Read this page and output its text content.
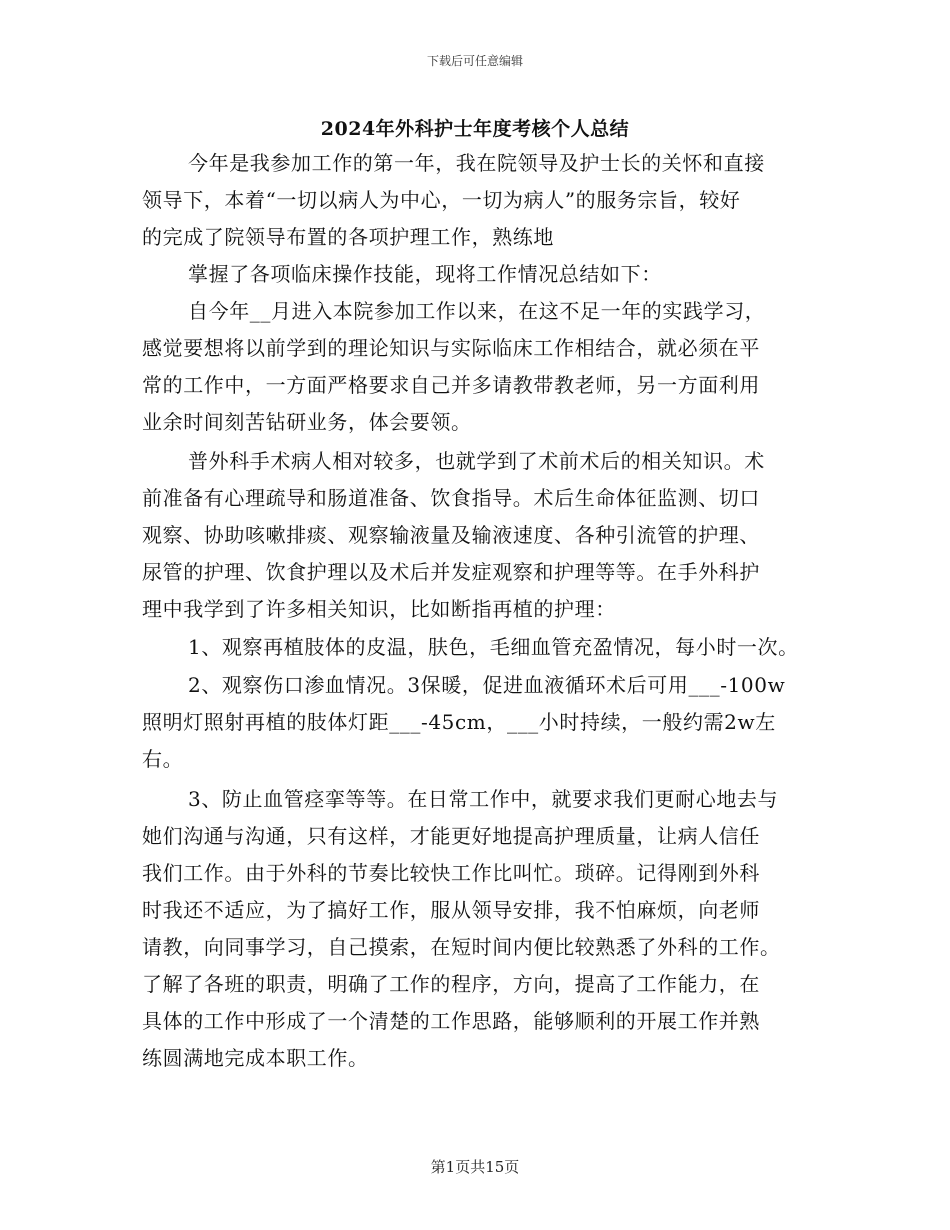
下载后可任意编辑
2024年外科护士年度考核个人总结
今年是我参加工作的第一年，我在院领导及护士长的关怀和直接
领导下，本着“一切以病人为中心，一切为病人”的服务宗旨，较好
的完成了院领导布置的各项护理工作，熟练地
掌握了各项临床操作技能，现将工作情况总结如下：
自今年__月进入本院参加工作以来，在这不足一年的实践学习，
感觉要想将以前学到的理论知识与实际临床工作相结合，就必须在平
常的工作中，一方面严格要求自己并多请教带教老师，另一方面利用
业余时间刻苦钻研业务，体会要领。
普外科手术病人相对较多，也就学到了术前术后的相关知识。术
前准备有心理疏导和肠道准备、饮食指导。术后生命体征监测、切口
观察、协助咳嗽排痰、观察输液量及输液速度、各种引流管的护理、
尿管的护理、饮食护理以及术后并发症观察和护理等等。在手外科护
理中我学到了许多相关知识，比如断指再植的护理：
1、观察再植肢体的皮温，肤色，毛细血管充盈情况，每小时一次。
2、观察伤口渗血情况。3保暖，促进血液循环术后可用___-100w
照明灯照射再植的肢体灯距___-45cm，___小时持续，一般约需2w左
右。
3、防止血管痉挛等等。在日常工作中，就要求我们更耐心地去与
她们沟通与沟通，只有这样，才能更好地提高护理质量，让病人信任
我们工作。由于外科的节奏比较快工作比叫忙。琐碎。记得刚到外科
时我还不适应，为了搞好工作，服从领导安排，我不怕麻烦，向老师
请教，向同事学习，自己摸索，在短时间内便比较熟悉了外科的工作。
了解了各班的职责，明确了工作的程序，方向，提高了工作能力，在
具体的工作中形成了一个清楚的工作思路，能够顺利的开展工作并熟
练圆满地完成本职工作。
第1页共15页
